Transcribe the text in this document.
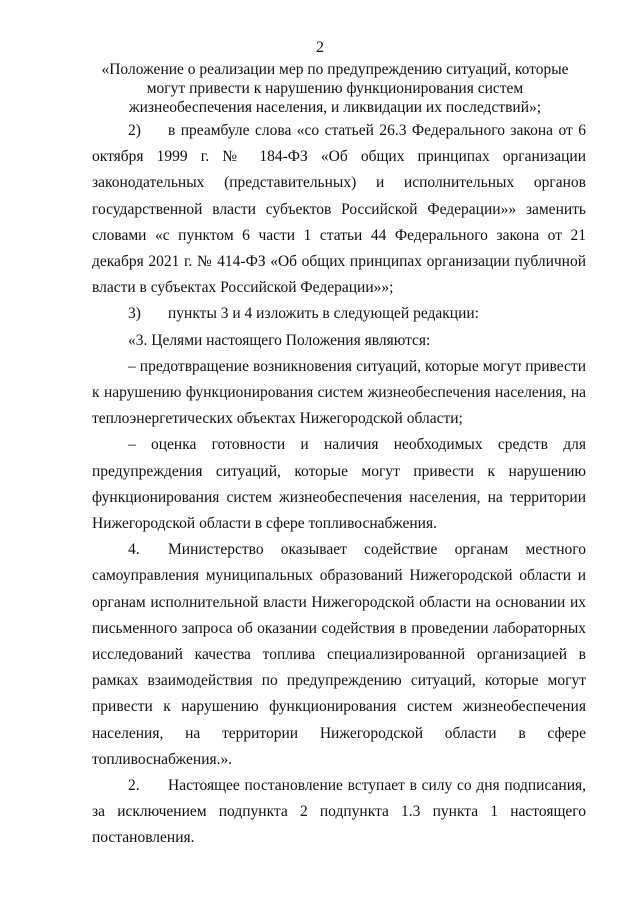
2
«Положение о реализации мер по предупреждению ситуаций, которые
могут привести к нарушению функционирования систем
жизнеобеспечения населения, и ликвидации их последствий»;

2) в преамбуле слова «со статьей 26.3 Федерального закона от 6 октября 1999 г. № 184-ФЗ «Об общих принципах организации законодательных (представительных) и исполнительных органов государственной власти субъектов Российской Федерации»» заменить словами «с пунктом 6 части 1 статьи 44 Федерального закона от 21 декабря 2021 г. № 414-ФЗ «Об общих принципах организации публичной власти в субъектах Российской Федерации»»;

3) пункты 3 и 4 изложить в следующей редакции:

«3. Целями настоящего Положения являются:

– предотвращение возникновения ситуаций, которые могут привести к нарушению функционирования систем жизнеобеспечения населения, на теплоэнергетических объектах Нижегородской области;

– оценка готовности и наличия необходимых средств для предупреждения ситуаций, которые могут привести к нарушению функционирования систем жизнеобеспечения населения, на территории Нижегородской области в сфере топливоснабжения.

4. Министерство оказывает содействие органам местного самоуправления муниципальных образований Нижегородской области и органам исполнительной власти Нижегородской области на основании их письменного запроса об оказании содействия в проведении лабораторных исследований качества топлива специализированной организацией в рамках взаимодействия по предупреждению ситуаций, которые могут привести к нарушению функционирования систем жизнеобеспечения населения, на территории Нижегородской области в сфере топливоснабжения.».

2. Настоящее постановление вступает в силу со дня подписания, за исключением подпункта 2 подпункта 1.3 пункта 1 настоящего постановления.
